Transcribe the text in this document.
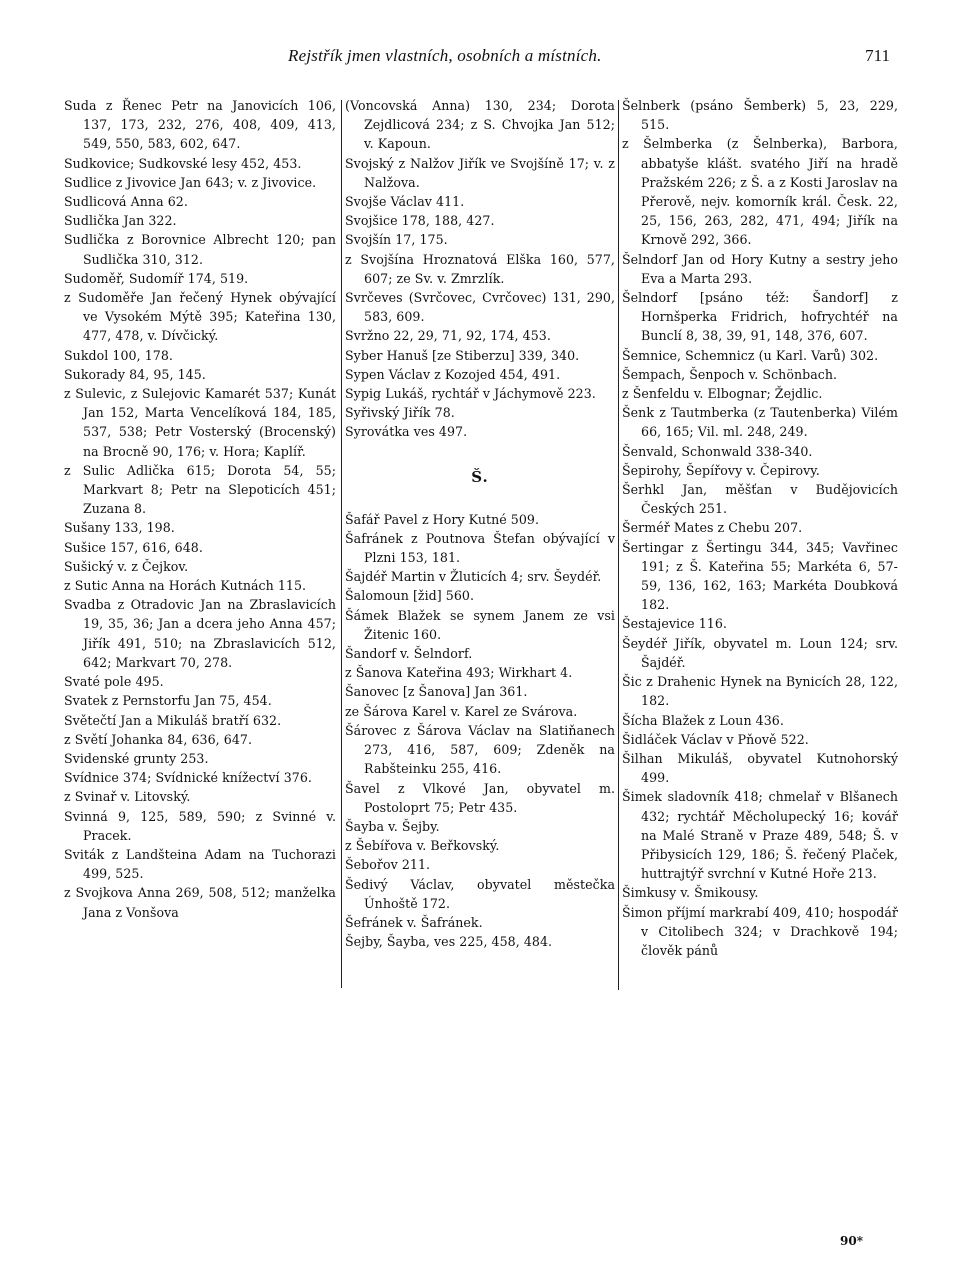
Rejstřík jmen vlastních, osobních a místních.	711

Suda z Řenec Petr na Janovicích 106, 137, 173, 232, 276, 408, 409, 413, 549, 550, 583, 602, 647.

Sudkovice; Sudkovské lesy 452, 453.

Sudlice z Jivovice Jan 643; v. z Jivovice.

Sudlicová Anna 62.

Sudlička Jan 322.

Sudlička z Borovnice Albrecht 120; pan Sudlička 310, 312.

Sudoměř, Sudomíř 174, 519.

z Sudoměře Jan řečený Hynek obývající ve Vysokém Mýtě 395; Kateřina 130, 477, 478, v. Dívčický.

Sukdol 100, 178.

Sukorady 84, 95, 145.

z Sulevic, z Sulejovic Kamarét 537; Kunát Jan 152, Marta Vencelíková 184, 185, 537, 538; Petr Vosterský (Brocenský) na Brocně 90, 176; v. Hora; Kaplíř.

z Sulic Adlička 615; Dorota 54, 55; Markvart 8; Petr na Slepoticích 451; Zuzana 8.

Sušany 133, 198.

Sušice 157, 616, 648.

Sušický v. z Čejkov.

z Sutic Anna na Horách Kutnách 115.

Svadba z Otradovic Jan na Zbraslavicích 19, 35, 36; Jan a dcera jeho Anna 457; Jiřík 491, 510; na Zbraslavicích 512, 642; Markvart 70, 278.

Svaté pole 495.

Svatek z Pernstorfu Jan 75, 454.

Světečtí Jan a Mikuláš bratří 632.

z Světí Johanka 84, 636, 647.

Svidenské grunty 253.

Svídnice 374; Svídnické knížectví 376.

z Svinař v. Litovský.

Svinná 9, 125, 589, 590; z Svinné v. Pracek.

Sviták z Landšteina Adam na Tuchorazi 499, 525.

z Svojkova Anna 269, 508, 512; manželka Jana z Vonšova

(Voncovská Anna) 130, 234; Dorota Zejdlicová 234; z S. Chvojka Jan 512; v. Kapoun.

Svojský z Nalžov Jiřík ve Svojšíně 17; v. z Nalžova.

Svojše Václav 411.

Svojšice 178, 188, 427.

Svojšín 17, 175.

z Svojšína Hroznatová Elška 160, 577, 607; ze Sv. v. Zmrzlík.

Svrčeves (Svrčovec, Cvrčovec) 131, 290, 583, 609.

Svržno 22, 29, 71, 92, 174, 453.

Syber Hanuš [ze Stiberzu] 339, 340.

Sypen Václav z Kozojed 454, 491.

Sypig Lukáš, rychtář v Jáchymově 223.

Syřivský Jiřík 78.

Syrovátka ves 497.

Š.

Šafář Pavel z Hory Kutné 509.

Šafránek z Poutnova Štefan obývající v Plzni 153, 181.

Šajdéř Martin v Žluticích 4; srv. Šeydéř.

Šalomoun [žid] 560.

Šámek Blažek se synem Janem ze vsi Žitenic 160.

Šandorf v. Šelndorf.

z Šanova Kateřina 493; Wirkhart 4.

Šanovec [z Šanova] Jan 361.

ze Šárova Karel v. Karel ze Svárova.

Šárovec z Šárova Václav na Slatiňanech 273, 416, 587, 609; Zdeněk na Rabšteinku 255, 416.

Šavel z Vlkové Jan, obyvatel m. Postoloprt 75; Petr 435.

Šayba v. Šejby.

z Šebířova v. Beřkovský.

Šebořov 211.

Šedivý Václav, obyvatel městečka Únhoště 172.

Šefránek v. Šafránek.

Šejby, Šayba, ves 225, 458, 484.

Šelnberk (psáno Šemberk) 5, 23, 229, 515.

z Šelmberka (z Šelnberka), Barbora, abbatyše klášt. svatého Jiří na hradě Pražském 226; z Š. a z Kosti Jaroslav na Přerově, nejv. komorník král. Česk. 22, 25, 156, 263, 282, 471, 494; Jiřík na Krnově 292, 366.

Šelndorf Jan od Hory Kutny a sestry jeho Eva a Marta 293.

Šelndorf [psáno též: Šandorf] z Hornšperka Fridrich, hofrychtéř na Bunclí 8, 38, 39, 91, 148, 376, 607.

Šemnice, Schemnicz (u Karl. Varů) 302.

Šempach, Šenpoch v. Schönbach.

z Šenfeldu v. Elbognar; Žejdlic.

Šenk z Tautmberka (z Tautenberka) Vilém 66, 165; Vil. ml. 248, 249.

Šenvald, Schonwald 338-340.

Šepirohy, Šepířovy v. Čepirovy.

Šerhkl Jan, měšťan v Budějovicích Českých 251.

Šerméř Mates z Chebu 207.

Šertingar z Šertingu 344, 345; Vavřinec 191; z Š. Kateřina 55; Markéta 6, 57-59, 136, 162, 163; Markéta Doubková 182.

Šestajevice 116.

Šeydéř Jiřík, obyvatel m. Loun 124; srv. Šajdéř.

Šic z Drahenic Hynek na Bynicích 28, 122, 182.

Šícha Blažek z Loun 436.

Šidláček Václav v Pňově 522.

Šilhan Mikuláš, obyvatel Kutnohorský 499.

Šimek sladovník 418; chmelař v Blšanech 432; rychtář Měcholupecký 16; kovář na Malé Straně v Praze 489, 548; Š. v Přibysicích 129, 186; Š. řečený Plaček, huttrajtýř svrchní v Kutné Hoře 213.

Šimkusy v. Šmikousy.

Šimon příjmí markrabí 409, 410; hospodář v Citolibech 324; v Drachkově 194; člověk pánů

90*
